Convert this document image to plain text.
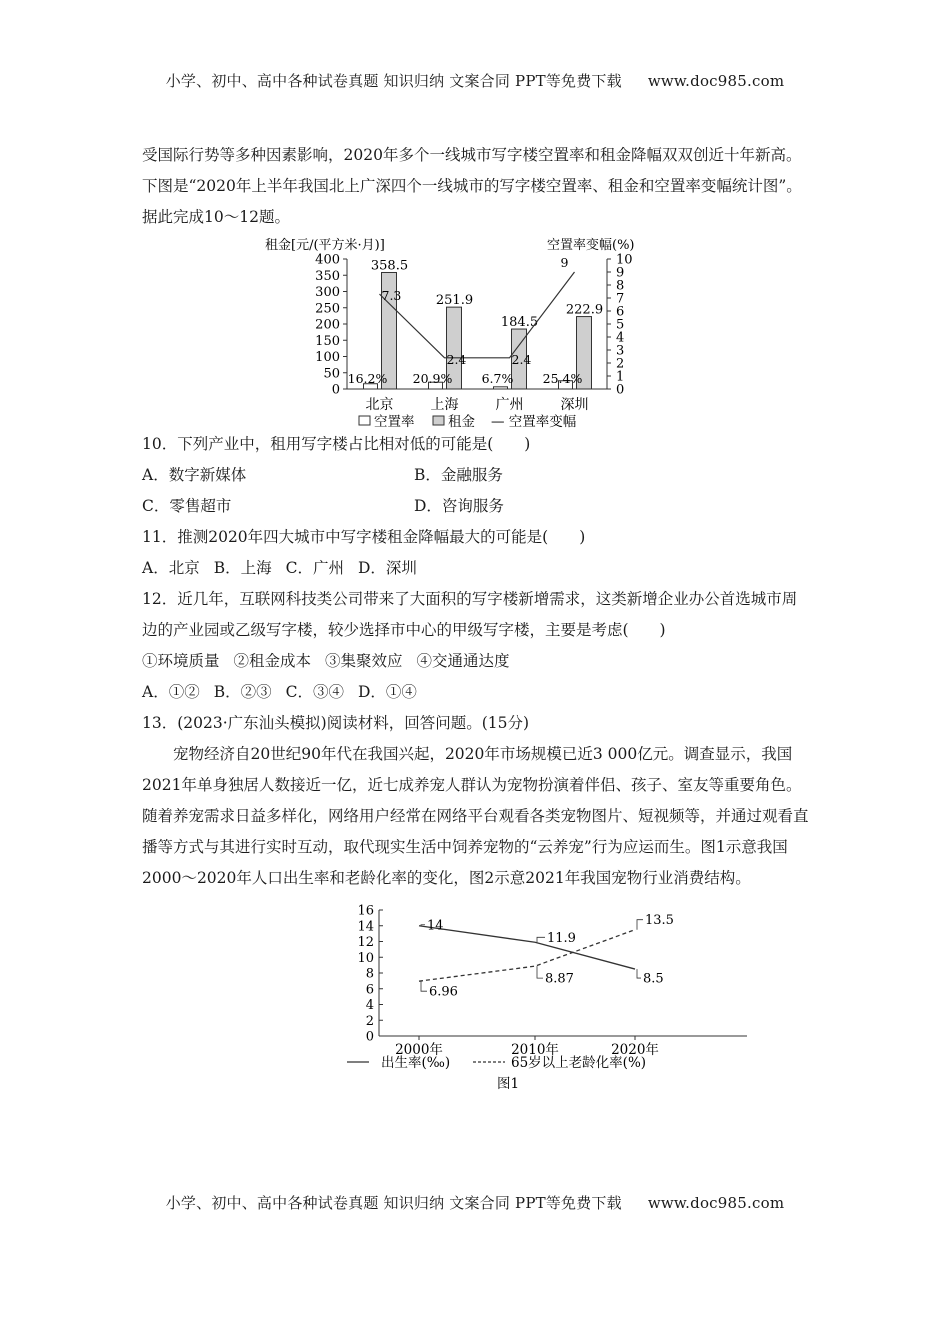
小学、初中、高中各种试卷真题 知识归纳 文案合同 PPT等免费下载 www.doc985.com

受国际行势等多种因素影响，2020年多个一线城市写字楼空置率和租金降幅双双创近十年新高。下图是“2020年上半年我国北上广深四个一线城市的写字楼空置率、租金和空置率变幅统计图”。据此完成10～12题。

租金[元/(平方米·月)]	空置率变幅(%)
400
350
300
250
200
150
100
50
0
10
9
8
7
6
5
4
3
2
1
0
358.5
16.2%
251.9
20.9%
184.5
6.7%
222.9
25.4%
7.3
2.4	2.4
9
北京	上海	广州	深圳
空置率 租金 — 空置率变幅

10．下列产业中，租用写字楼占比相对低的可能是(　　)

A．数字新媒体	B．金融服务
C．零售超市	D．咨询服务

11．推测2020年四大城市中写字楼租金降幅最大的可能是(　　)

A．北京 B．上海 C．广州 D．深圳

12．近几年，互联网科技类公司带来了大面积的写字楼新增需求，这类新增企业办公首选城市周边的产业园或乙级写字楼，较少选择市中心的甲级写字楼，主要是考虑(　　)

①环境质量 ②租金成本 ③集聚效应 ④交通通达度

A．①② B．②③ C．③④ D．①④

13．(2023·广东汕头模拟)阅读材料，回答问题。(15分)

宠物经济自20世纪90年代在我国兴起，2020年市场规模已近3 000亿元。调查显示，我国2021年单身独居人数接近一亿，近七成养宠人群认为宠物扮演着伴侣、孩子、室友等重要角色。随着养宠需求日益多样化，网络用户经常在网络平台观看各类宠物图片、短视频等，并通过观看直播等方式与其进行实时互动，取代现实生活中饲养宠物的“云养宠”行为应运而生。图1示意我国2000～2020年人口出生率和老龄化率的变化，图2示意2021年我国宠物行业消费结构。

16
14
12
10
8
6
4
2
0
14
11.9
8.5
6.96
8.87
13.5
2000年	2010年	2020年
出生率(‰)	65岁以上老龄化率(%)
图1
小学、初中、高中各种试卷真题 知识归纳 文案合同 PPT等免费下载 www.doc985.com
